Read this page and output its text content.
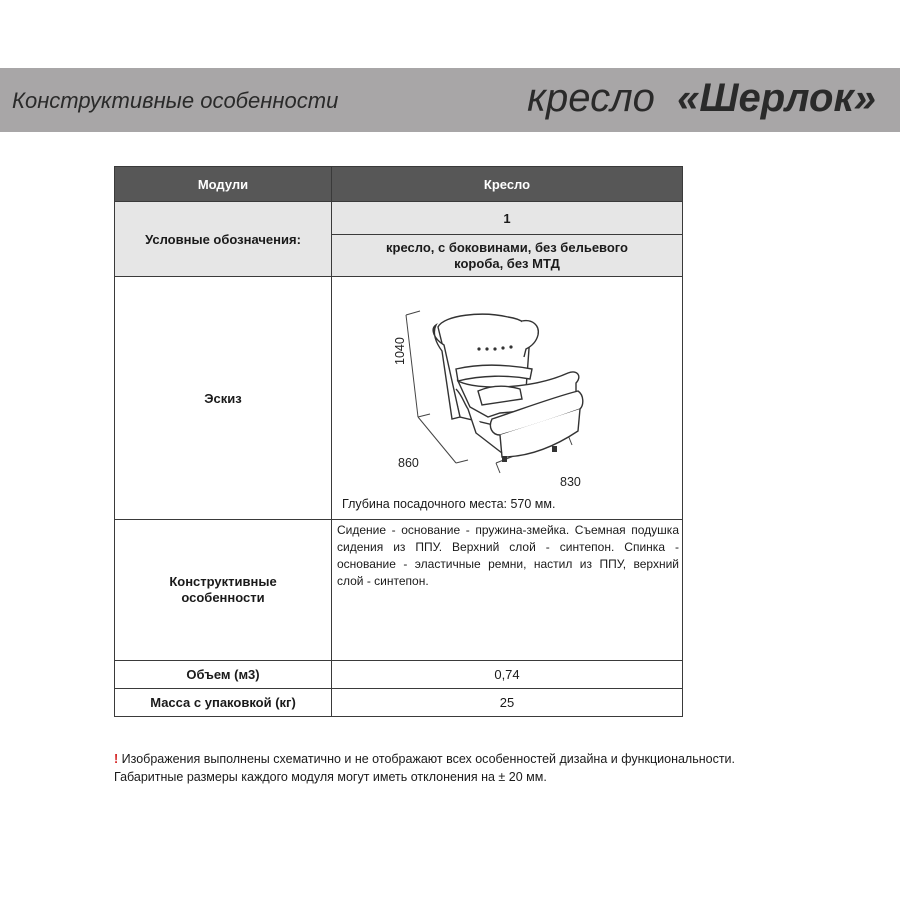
Конструктивные особенности	кресло «Шерлок»
Модули	Кресло
Условные обозначения:	1
	кресло, с боковинами, без бельевого короба, без МТД
Эскиз	1040
860
830
Глубина посадочного места: 570 мм.

Конструктивные особенности	Сидение - основание - пружина-змейка. Съемная подушка сидения из ППУ. Верхний слой - синтепон. Спинка - основание - эластичные ремни, настил из ППУ, верхний слой - синтепон.
Объем (м3)	0,74
Масса с упаковкой (кг)	25
! Изображения выполнены схематично и не отображают всех особенностей дизайна и функциональности.
Габаритные размеры каждого модуля могут иметь отклонения на ± 20 мм.
